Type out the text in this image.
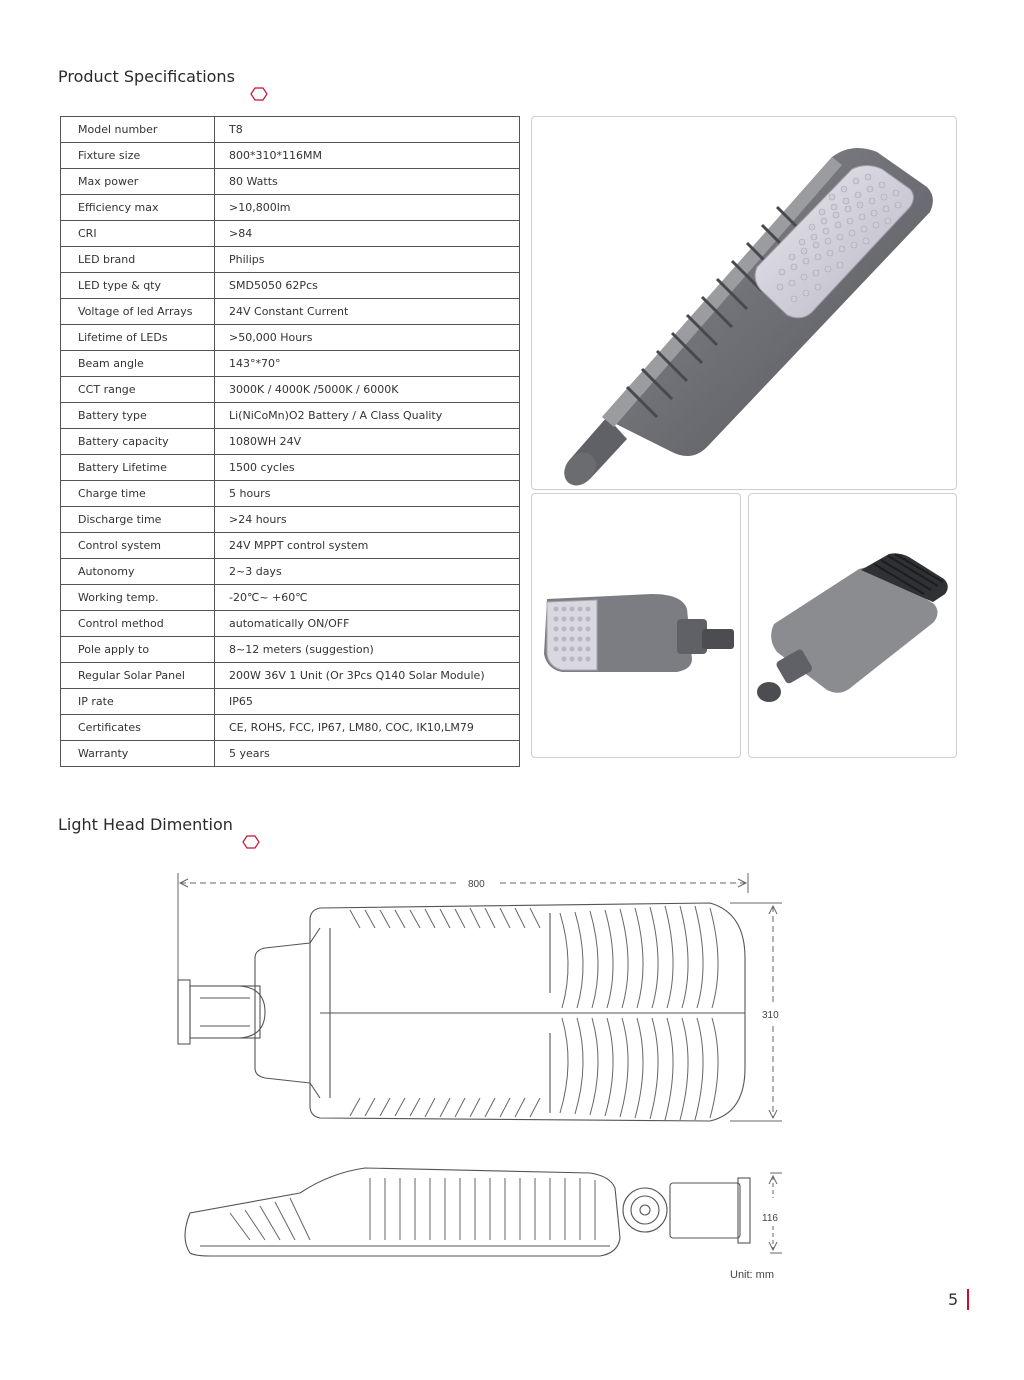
Product Specifications
Model number	T8
Fixture size	800*310*116MM
Max power	80 Watts
Efficiency max	>10,800lm
CRI	>84
LED brand	Philips
LED type & qty	SMD5050 62Pcs
Voltage of led Arrays	24V Constant Current
Lifetime of LEDs	>50,000 Hours
Beam angle	143°*70°
CCT range	3000K / 4000K /5000K / 6000K
Battery type	Li(NiCoMn)O2 Battery / A Class Quality
Battery capacity	1080WH 24V
Battery Lifetime	1500 cycles
Charge time	5 hours
Discharge time	>24 hours
Control system	24V MPPT control system
Autonomy	2~3 days
Working temp.	-20℃~ +60℃
Control method	automatically ON/OFF
Pole apply to	8~12 meters (suggestion)
Regular Solar Panel	200W 36V 1 Unit (Or 3Pcs Q140 Solar Module)
IP rate	IP65
Certificates	CE, ROHS, FCC, IP67, LM80, COC, IK10,LM79
Warranty	5 years
Light Head Dimention
800
310
116
Unit: mm
5
